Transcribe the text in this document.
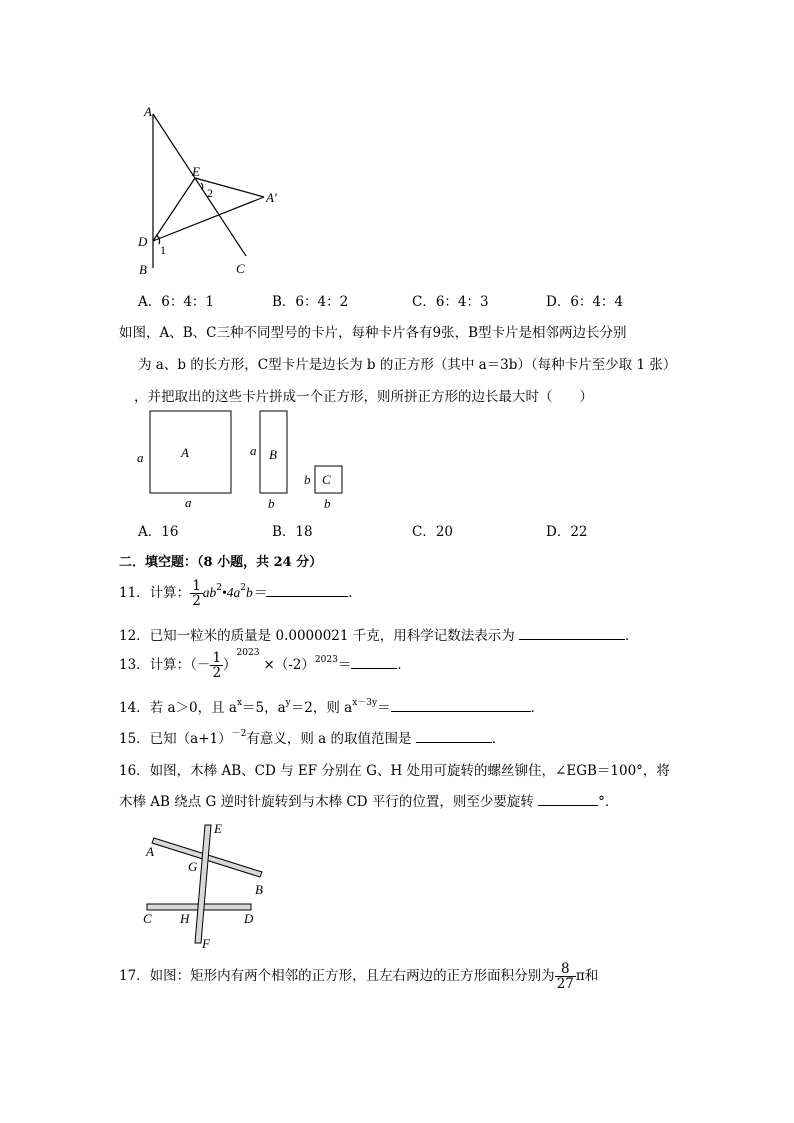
A
E
A′
D
B	C
1
2
A．6：4：1	B．6：4：2	C．6：4：3	D．6：4：4
如图，A、B、C三种不同型号的卡片，每种卡片各有9张，B型卡片是相邻两边长分别
为 a、b 的长方形，C型卡片是边长为 b 的正方形（其中 a＝3b）（每种卡片至少取 1 张）
，并把取出的这些卡片拼成一个正方形，则所拼正方形的边长最大时（　　）
A
a
a
B
a
b
C
b
b
A．16	B．18	C．20	D．22
二．填空题：（8 小题，共 24 分）
11．计算： $\frac{1}{2}$ $ab^2•4a^2b=$	．
12．已知一粒米的质量是 0.0000021 千克，用科学记数法表示为	．
13．计算：（－ $\frac{1}{2} )^{2023}\times(-2)^{2023}=$	．
14．若 a＞0，且 $a^x=5$，$a^y=2$，则 $a^{x-3y}=$	．
15．已知$(a+1)^{-2}$有意义，则 a 的取值范围是	．
16．如图，木棒 AB、CD 与 EF 分别在 G、H 处用可旋转的螺丝铆住，∠EGB＝100°，将
木棒 AB 绕点 G 逆时针旋转到与木棒 CD 平行的位置，则至少要旋转	°．
A
B
C	D
E
F
G
H
17．如图：矩形内有两个相邻的正方形，且左右两边的正方形面积分别为 $\frac{8}{27}$ π和
